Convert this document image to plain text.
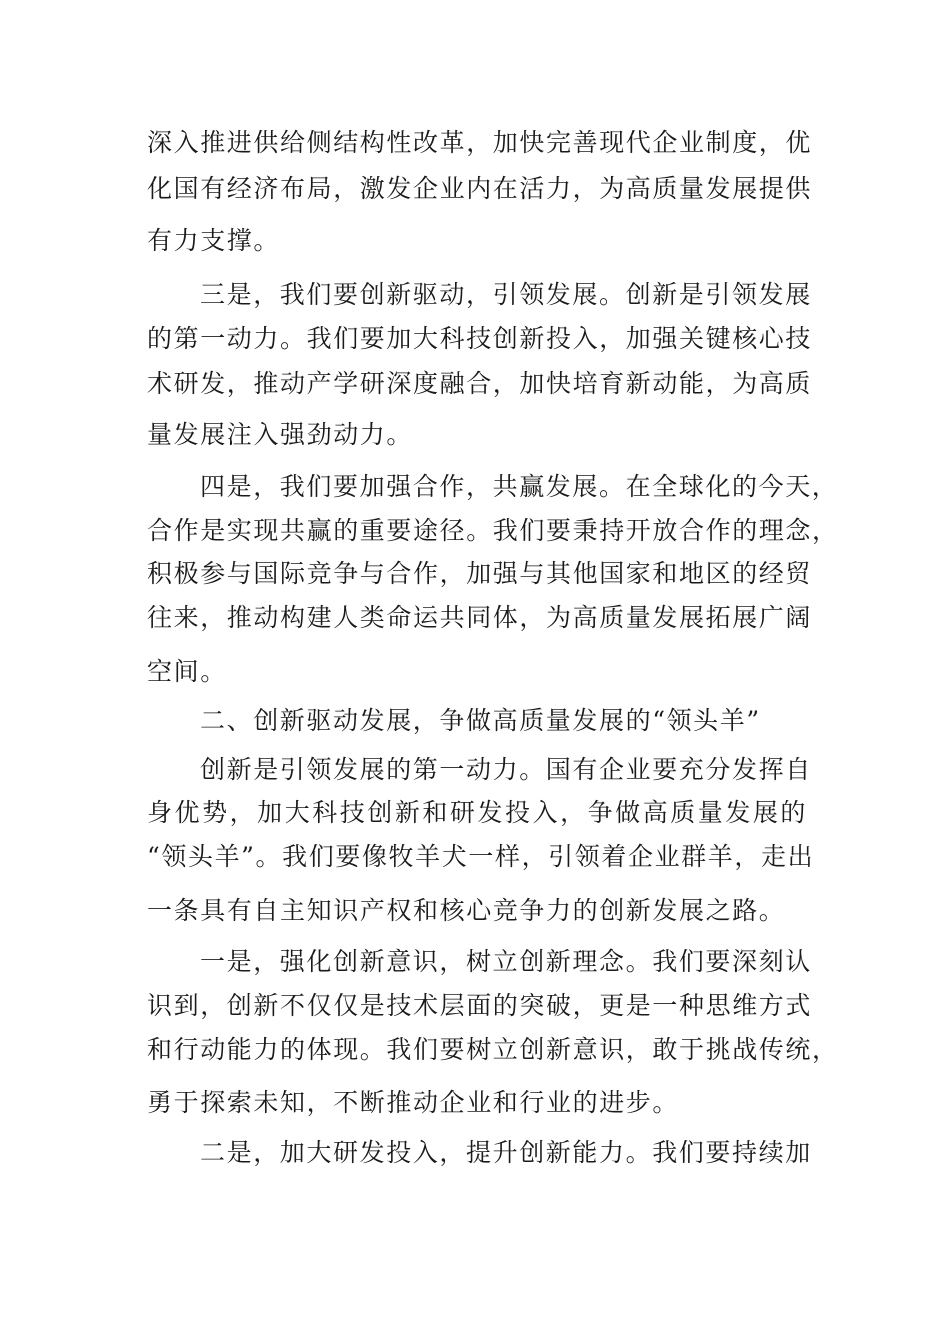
深入推进供给侧结构性改革，加快完善现代企业制度，优
化国有经济布局，激发企业内在活力，为高质量发展提供
有力支撑。
三是，我们要创新驱动，引领发展。创新是引领发展
的第一动力。我们要加大科技创新投入，加强关键核心技
术研发，推动产学研深度融合，加快培育新动能，为高质
量发展注入强劲动力。
四是，我们要加强合作，共赢发展。在全球化的今天，
合作是实现共赢的重要途径。我们要秉持开放合作的理念，
积极参与国际竞争与合作，加强与其他国家和地区的经贸
往来，推动构建人类命运共同体，为高质量发展拓展广阔
空间。
二、创新驱动发展，争做高质量发展的“领头羊”
创新是引领发展的第一动力。国有企业要充分发挥自
身优势，加大科技创新和研发投入，争做高质量发展的
“领头羊”。我们要像牧羊犬一样，引领着企业群羊，走出
一条具有自主知识产权和核心竞争力的创新发展之路。
一是，强化创新意识，树立创新理念。我们要深刻认
识到，创新不仅仅是技术层面的突破，更是一种思维方式
和行动能力的体现。我们要树立创新意识，敢于挑战传统，
勇于探索未知，不断推动企业和行业的进步。
二是，加大研发投入，提升创新能力。我们要持续加
